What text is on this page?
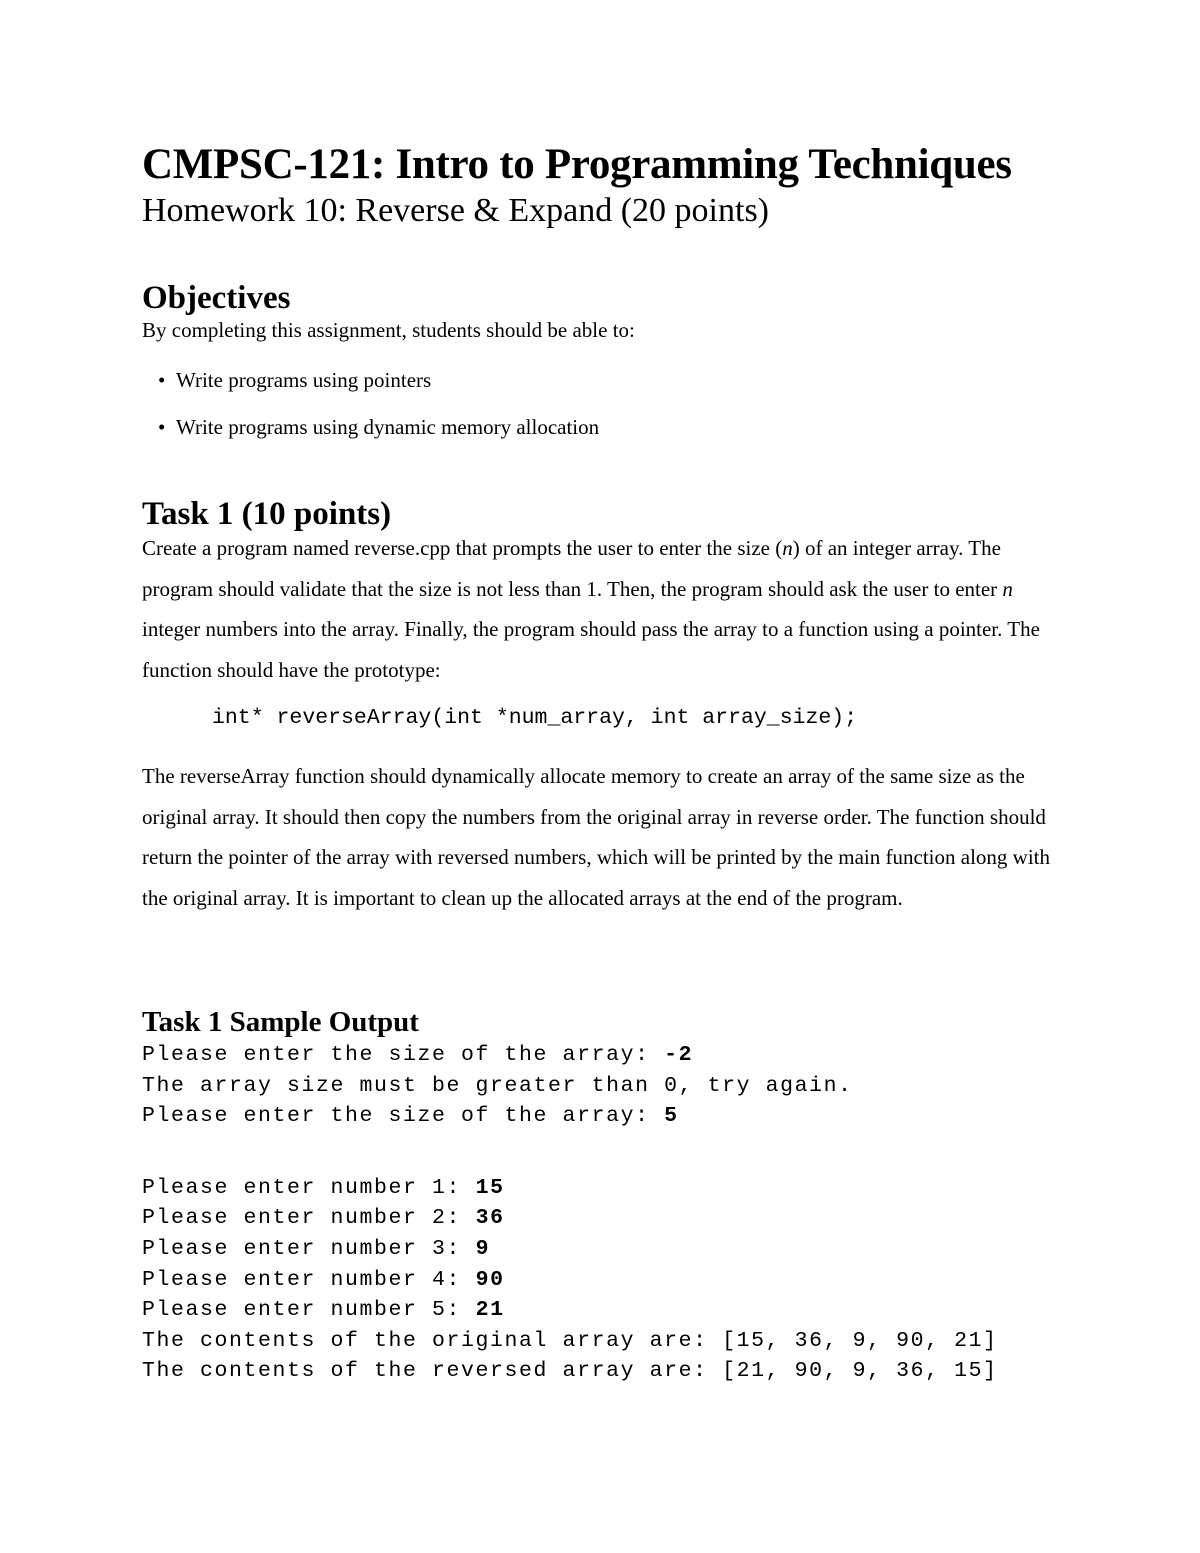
CMPSC-121: Intro to Programming Techniques
Homework 10: Reverse & Expand (20 points)
Objectives
By completing this assignment, students should be able to:
• Write programs using pointers
• Write programs using dynamic memory allocation
Task 1 (10 points)

Create a program named reverse.cpp that prompts the user to enter the size (n) of an integer array. The program should validate that the size is not less than 1. Then, the program should ask the user to enter n integer numbers into the array. Finally, the program should pass the array to a function using a pointer. The function should have the prototype:

int* reverseArray(int *num_array, int array_size);

The reverseArray function should dynamically allocate memory to create an array of the same size as the original array. It should then copy the numbers from the original array in reverse order. The function should return the pointer of the array with reversed numbers, which will be printed by the main function along with the original array. It is important to clean up the allocated arrays at the end of the program.

Task 1 Sample Output
Please enter the size of the array: -2
The array size must be greater than 0, try again.
Please enter the size of the array: 5
Please enter number 1: 15
Please enter number 2: 36
Please enter number 3: 9
Please enter number 4: 90
Please enter number 5: 21
The contents of the original array are: [15, 36, 9, 90, 21]
The contents of the reversed array are: [21, 90, 9, 36, 15]
